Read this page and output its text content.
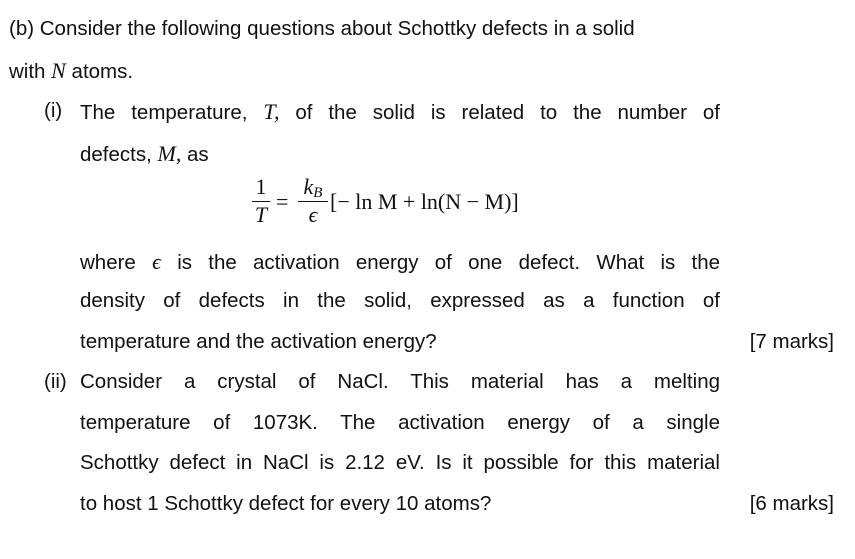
(b) Consider the following questions about Schottky defects in a solid
with N atoms.
(i) The temperature, T, of the solid is related to the number of
defects, M, as
1
T
=
kB
ϵ
[− ln M + ln(N − M)]
where ϵ is the activation energy of one defect. What is the
density of defects in the solid, expressed as a function of
temperature and the activation energy?	[7 marks]
(ii) Consider a crystal of NaCl. This material has a melting
temperature of 1073K. The activation energy of a single
Schottky defect in NaCl is 2.12 eV. Is it possible for this material
to host 1 Schottky defect for every 10 atoms?	[6 marks]
